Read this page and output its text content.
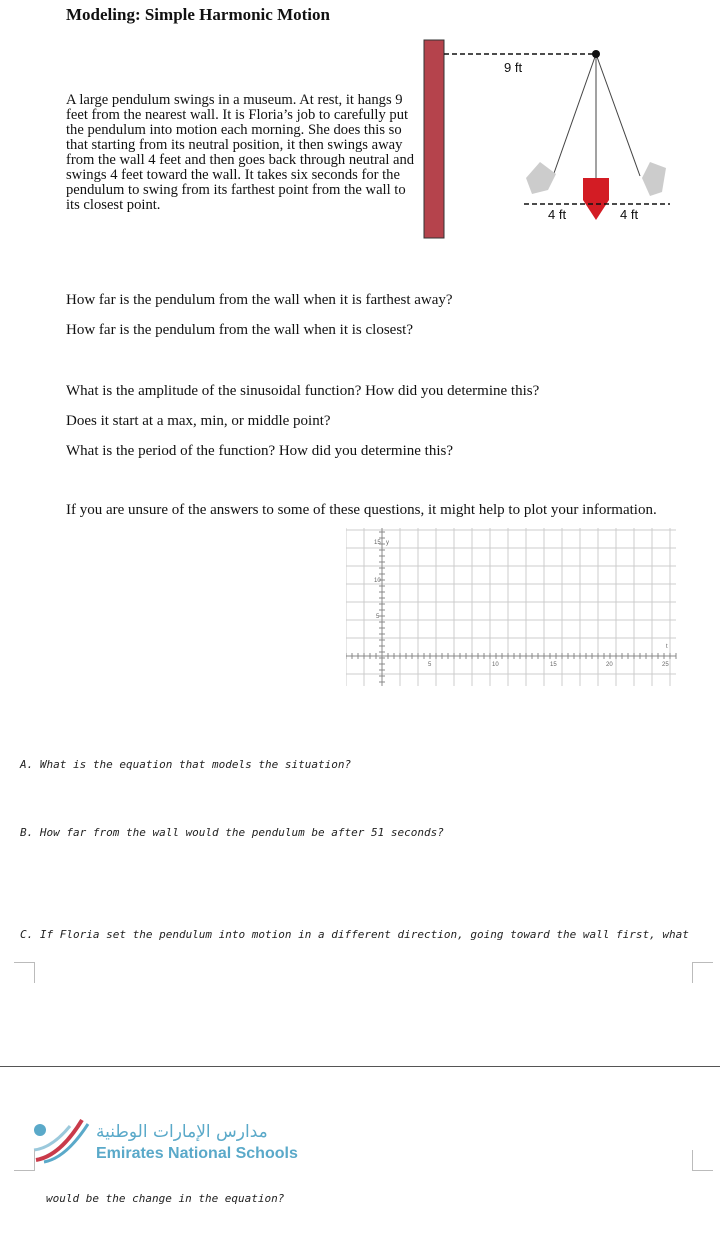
Modeling: Simple Harmonic Motion
A large pendulum swings in a museum. At rest, it hangs 9 feet from the nearest wall. It is Floria’s job to carefully put the pendulum into motion each morning. She does this so that starting from its neutral position, it then swings away from the wall 4 feet and then goes back through neutral and swings 4 feet toward the wall. It takes six seconds for the pendulum to swing from its farthest point from the wall to its closest point.
9 ft
4 ft	4 ft
How far is the pendulum from the wall when it is farthest away?
How far is the pendulum from the wall when it is closest?
What is the amplitude of the sinusoidal function? How did you determine this?
Does it start at a max, min, or middle point?
What is the period of the function? How did you determine this?
If you are unsure of the answers to some of these questions, it might help to plot your information.
15 y
10
5
5	10	15	20	25
t
A. What is the equation that models the situation?
B. How far from the wall would the pendulum be after 51 seconds?
C. If Floria set the pendulum into motion in a different direction, going toward the wall first, what
مدارس الإمارات الوطنية
Emirates National Schools
would be the change in the equation?
